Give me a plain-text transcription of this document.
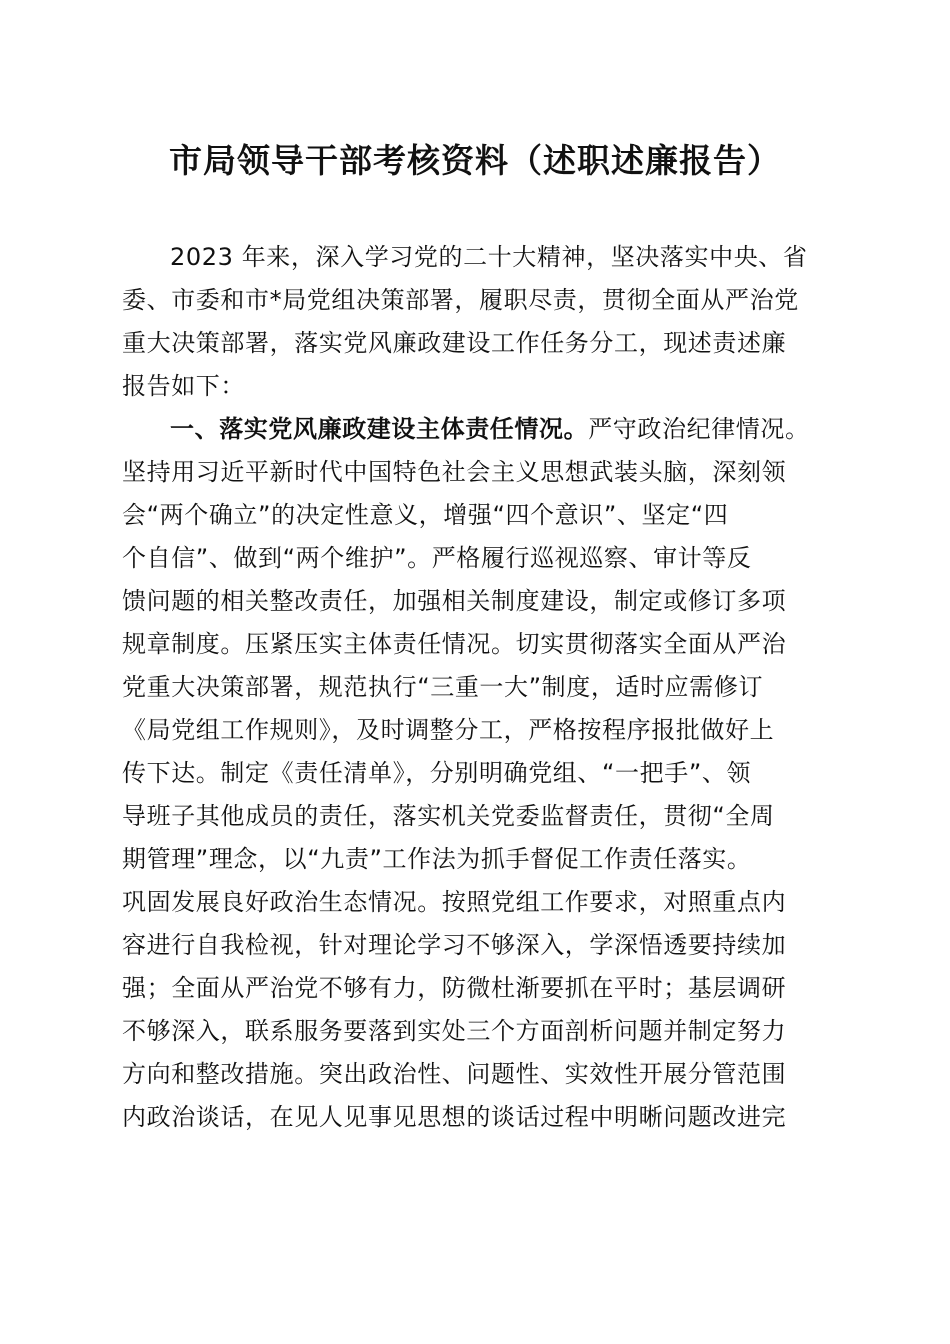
市局领导干部考核资料（述职述廉报告）
2023 年来，深入学习党的二十大精神，坚决落实中央、省
委、市委和市*局党组决策部署，履职尽责，贯彻全面从严治党
重大决策部署，落实党风廉政建设工作任务分工，现述责述廉
报告如下：
一、落实党风廉政建设主体责任情况。严守政治纪律情况。
坚持用习近平新时代中国特色社会主义思想武装头脑，深刻领
会“两个确立”的决定性意义，增强“四个意识”、坚定“四
个自信”、做到“两个维护”。严格履行巡视巡察、审计等反
馈问题的相关整改责任，加强相关制度建设，制定或修订多项
规章制度。压紧压实主体责任情况。切实贯彻落实全面从严治
党重大决策部署，规范执行“三重一大”制度，适时应需修订
《局党组工作规则》，及时调整分工，严格按程序报批做好上
传下达。制定《责任清单》，分别明确党组、“一把手”、领
导班子其他成员的责任，落实机关党委监督责任，贯彻“全周
期管理”理念，以“九责”工作法为抓手督促工作责任落实。
巩固发展良好政治生态情况。按照党组工作要求，对照重点内
容进行自我检视，针对理论学习不够深入，学深悟透要持续加
强；全面从严治党不够有力，防微杜渐要抓在平时；基层调研
不够深入，联系服务要落到实处三个方面剖析问题并制定努力
方向和整改措施。突出政治性、问题性、实效性开展分管范围
内政治谈话，在见人见事见思想的谈话过程中明晰问题改进完
